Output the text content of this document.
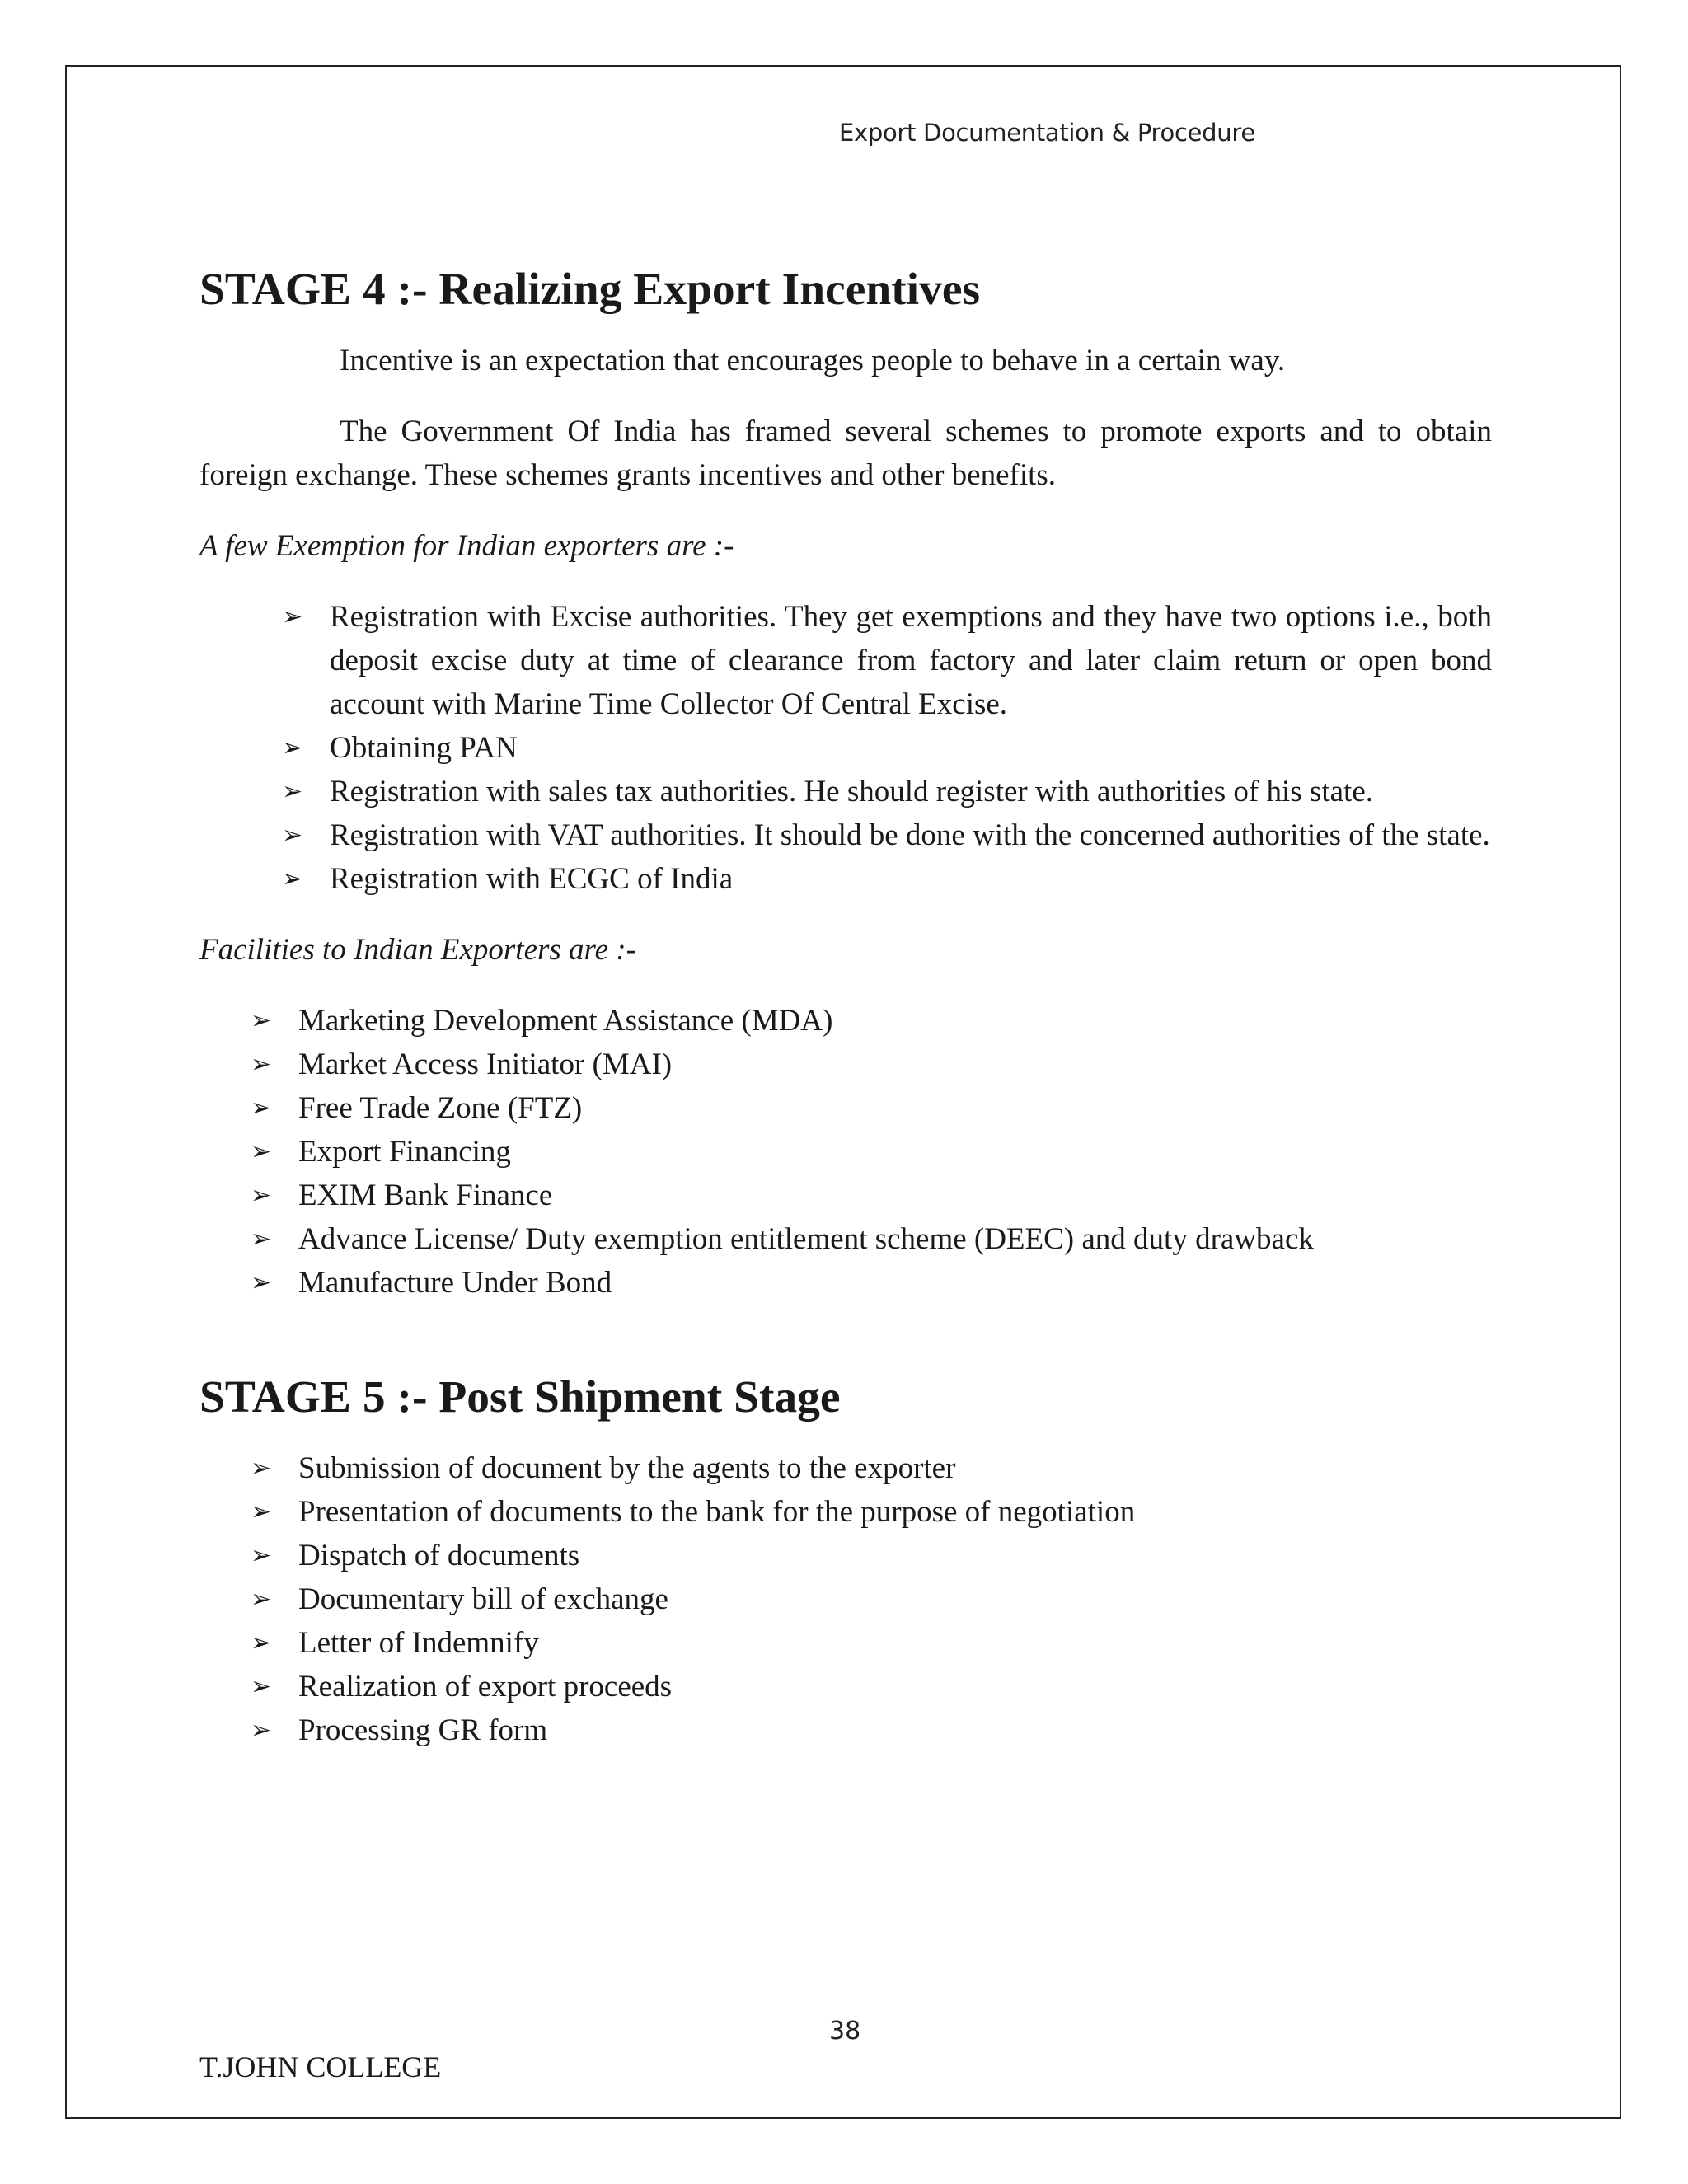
Export Documentation & Procedure
STAGE 4 :- Realizing Export Incentives

Incentive is an expectation that encourages people to behave in a certain way.

The Government Of India has framed several schemes to promote exports and to obtain foreign exchange. These schemes grants incentives and other benefits.

A few Exemption for Indian exporters are :-

➢ Registration with Excise authorities. They get exemptions and they have two options i.e., both deposit excise duty at time of clearance from factory and later claim return or open bond account with Marine Time Collector Of Central Excise.
➢ Obtaining PAN
➢ Registration with sales tax authorities. He should register with authorities of his state.
➢ Registration with VAT authorities. It should be done with the concerned authorities of the state.
➢ Registration with ECGC of India

Facilities to Indian Exporters are :-

➢ Marketing Development Assistance (MDA)
➢ Market Access Initiator (MAI)
➢ Free Trade Zone (FTZ)
➢ Export Financing
➢ EXIM Bank Finance
➢ Advance License/ Duty exemption entitlement scheme (DEEC) and duty drawback
➢ Manufacture Under Bond
STAGE 5 :- Post Shipment Stage
➢ Submission of document by the agents to the exporter
➢ Presentation of documents to the bank for the purpose of negotiation
➢ Dispatch of documents
➢ Documentary bill of exchange
➢ Letter of Indemnify
➢ Realization of export proceeds
➢ Processing GR form
38
T.JOHN COLLEGE
